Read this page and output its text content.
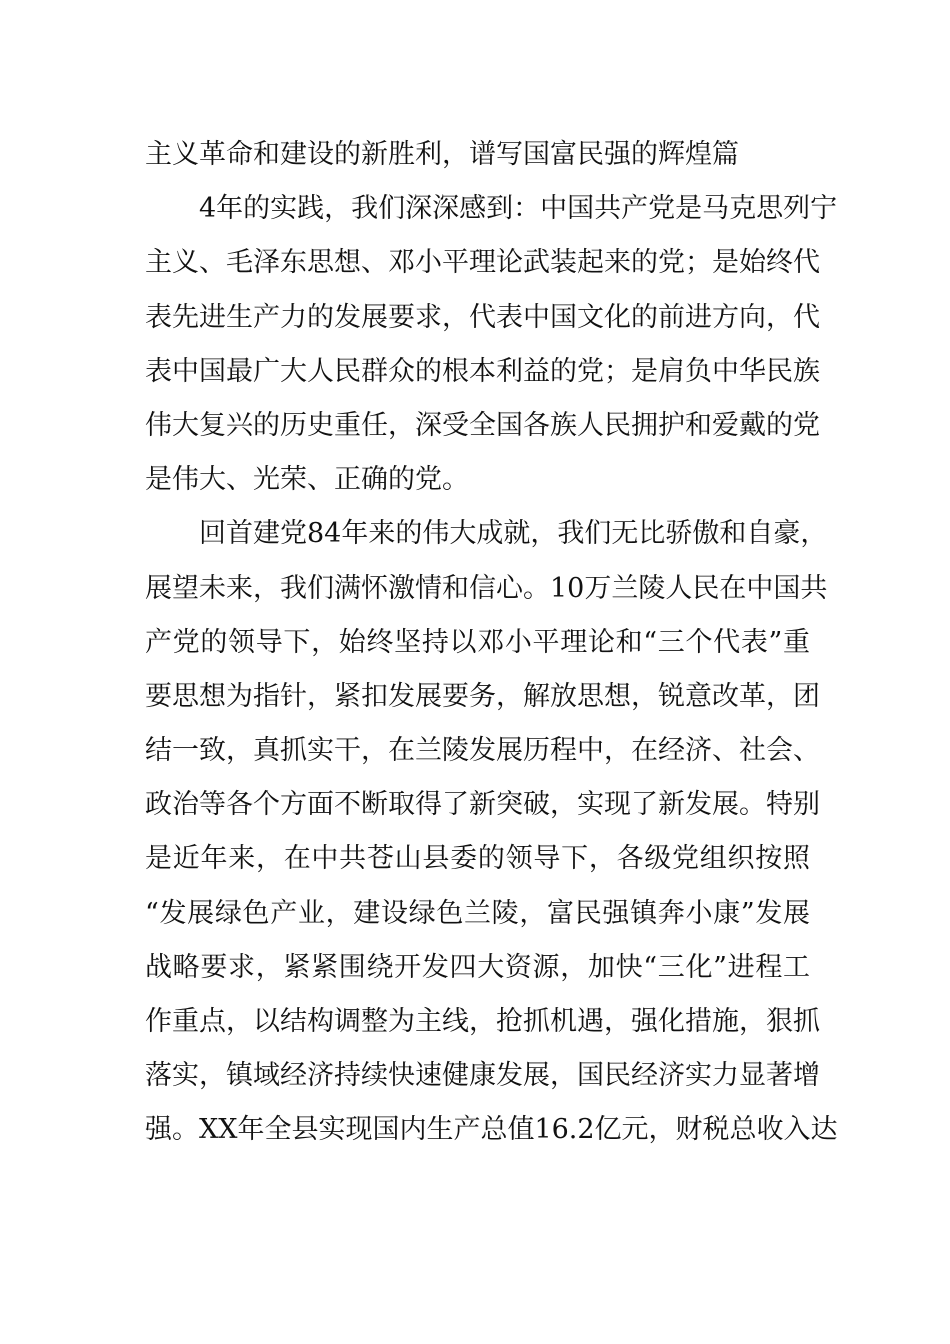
主义革命和建设的新胜利，谱写国富民强的辉煌篇
4年的实践，我们深深感到：中国共产党是马克思列宁
主义、毛泽东思想、邓小平理论武装起来的党；是始终代
表先进生产力的发展要求，代表中国文化的前进方向，代
表中国最广大人民群众的根本利益的党；是肩负中华民族
伟大复兴的历史重任，深受全国各族人民拥护和爱戴的党
是伟大、光荣、正确的党。
回首建党84年来的伟大成就，我们无比骄傲和自豪，
展望未来，我们满怀激情和信心。10万兰陵人民在中国共
产党的领导下，始终坚持以邓小平理论和“三个代表”重
要思想为指针，紧扣发展要务，解放思想，锐意改革，团
结一致，真抓实干，在兰陵发展历程中，在经济、社会、
政治等各个方面不断取得了新突破，实现了新发展。特别
是近年来，在中共苍山县委的领导下，各级党组织按照
“发展绿色产业，建设绿色兰陵，富民强镇奔小康”发展
战略要求，紧紧围绕开发四大资源，加快“三化”进程工
作重点，以结构调整为主线，抢抓机遇，强化措施，狠抓
落实，镇域经济持续快速健康发展，国民经济实力显著增
强。XX年全县实现国内生产总值16.2亿元，财税总收入达
